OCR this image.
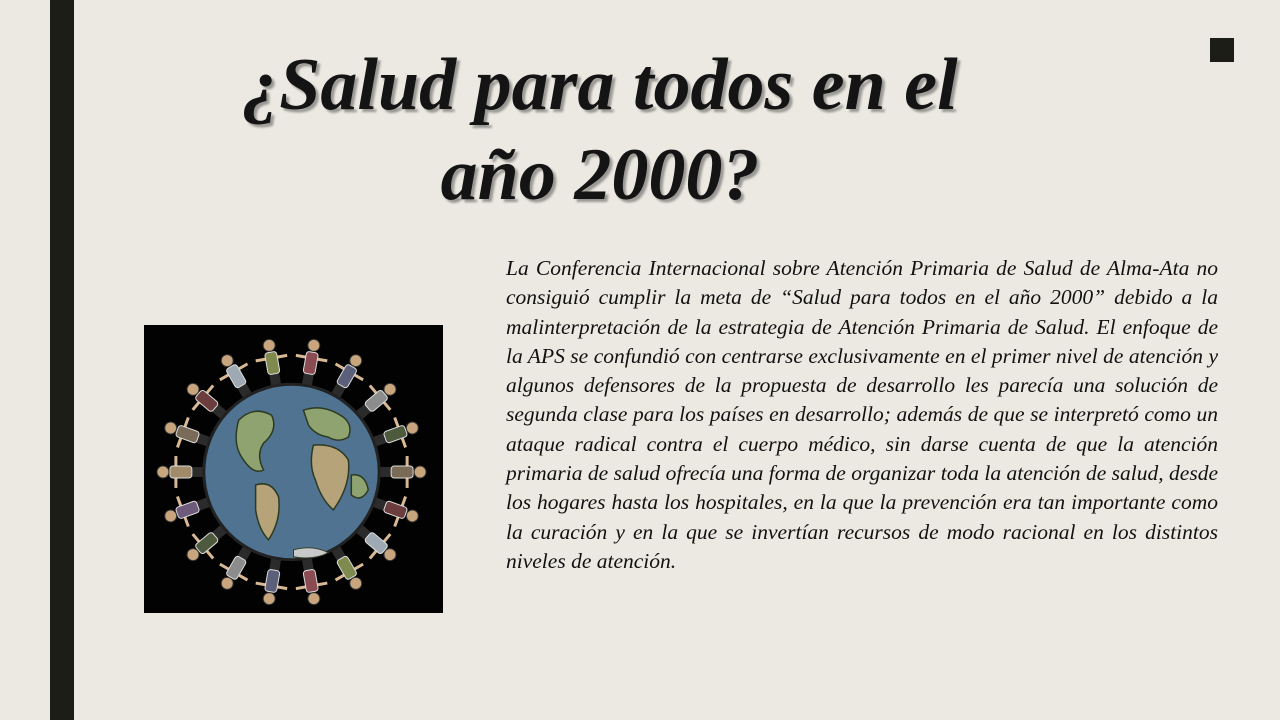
¿Salud para todos en el
año 2000?

La Conferencia Internacional sobre Atención Primaria de Salud de Alma-Ata no consiguió cumplir la meta de “Salud para todos en el año 2000” debido a la malinterpretación de la estrategia de Atención Primaria de Salud. El enfoque de la APS se confundió con centrarse exclusivamente en el primer nivel de atención y algunos defensores de la propuesta de desarrollo les parecía una solución de segunda clase para los países en desarrollo; además de que se interpretó como un ataque radical contra el cuerpo médico, sin darse cuenta de que la atención primaria de salud ofrecía una forma de organizar toda la atención de salud, desde los hogares hasta los hospitales, en la que la prevención era tan importante como la curación y en la que se invertían recursos de modo racional en los distintos niveles de atención.
